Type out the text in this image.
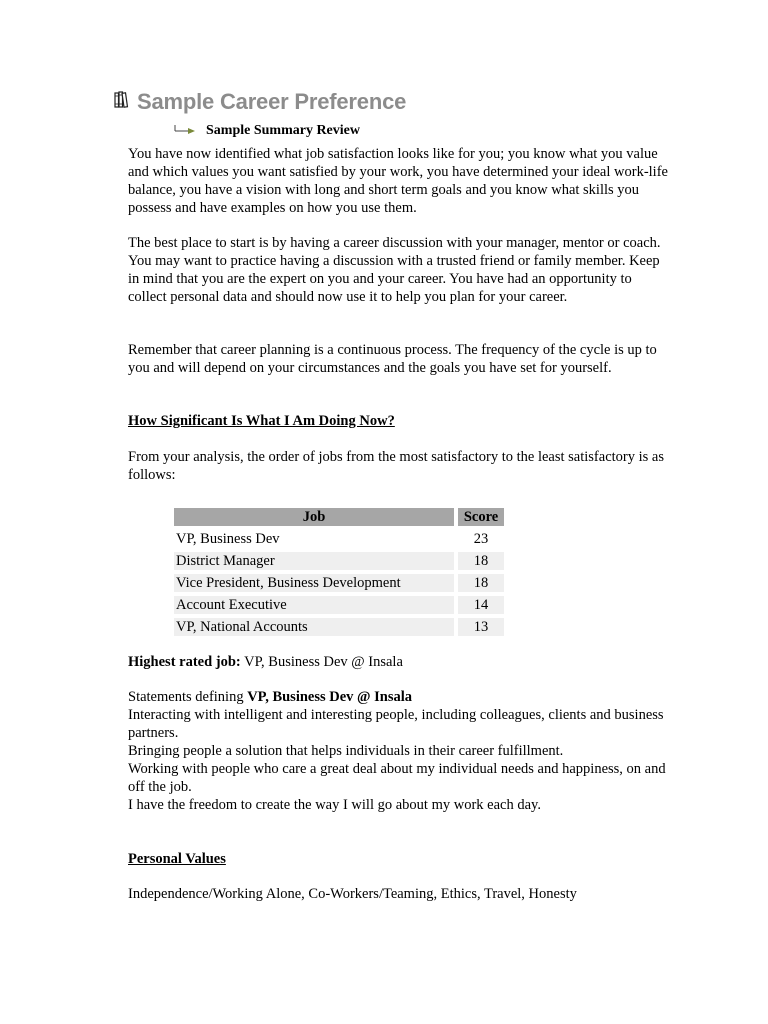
Sample Career Preference
Sample Summary Review
You have now identified what job satisfaction looks like for you; you know what you value and which values you want satisfied by your work, you have determined your ideal work-life balance, you have a vision with long and short term goals and you know what skills you possess and have examples on how you use them.
The best place to start is by having a career discussion with your manager, mentor or coach. You may want to practice having a discussion with a trusted friend or family member. Keep in mind that you are the expert on you and your career. You have had an opportunity to collect personal data and should now use it to help you plan for your career.
Remember that career planning is a continuous process. The frequency of the cycle is up to you and will depend on your circumstances and the goals you have set for yourself.
How Significant Is What I Am Doing Now?
From your analysis, the order of jobs from the most satisfactory to the least satisfactory is as follows:
Job		Score
VP, Business Dev		23
District Manager		18
Vice President, Business Development		18
Account Executive		14
VP, National Accounts		13
Highest rated job: VP, Business Dev @ Insala
Statements defining VP, Business Dev @ Insala
Interacting with intelligent and interesting people, including colleagues, clients and business partners.
Bringing people a solution that helps individuals in their career fulfillment.
Working with people who care a great deal about my individual needs and happiness, on and off the job.
I have the freedom to create the way I will go about my work each day.
Personal Values
Independence/Working Alone, Co-Workers/Teaming, Ethics, Travel, Honesty
